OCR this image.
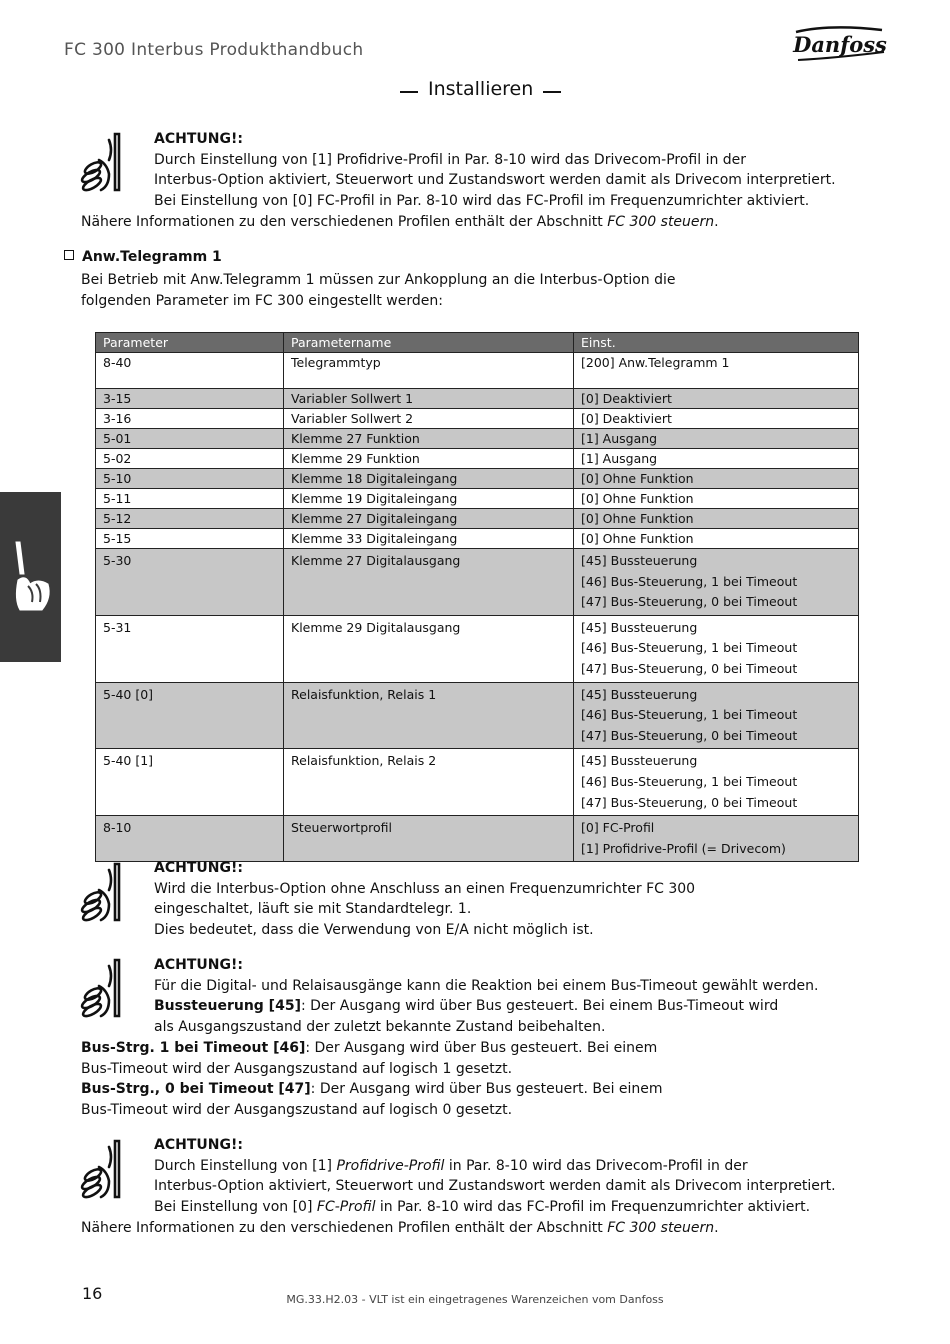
FC 300 Interbus Produkthandbuch	Danfoss
Installieren
ACHTUNG!:
Durch Einstellung von [1] Profidrive-Profil in Par. 8-10 wird das Drivecom-Profil in der
Interbus-Option aktiviert, Steuerwort und Zustandswort werden damit als Drivecom interpretiert.
Bei Einstellung von [0] FC-Profil in Par. 8-10 wird das FC-Profil im Frequenzumrichter aktiviert.
Nähere Informationen zu den verschiedenen Profilen enthält der Abschnitt FC 300 steuern.
Anw.Telegramm 1
Bei Betrieb mit Anw.Telegramm 1 müssen zur Ankopplung an die Interbus-Option die
folgenden Parameter im FC 300 eingestellt werden:
Parameter	Parametername	Einst.
8-40	Telegrammtyp	[200] Anw.Telegramm 1

3-15	Variabler Sollwert 1	[0] Deaktiviert

3-16	Variabler Sollwert 2	[0] Deaktiviert

5-01	Klemme 27 Funktion	[1] Ausgang

5-02	Klemme 29 Funktion	[1] Ausgang

5-10	Klemme 18 Digitaleingang	[0] Ohne Funktion

5-11	Klemme 19 Digitaleingang	[0] Ohne Funktion

5-12	Klemme 27 Digitaleingang	[0] Ohne Funktion

5-15	Klemme 33 Digitaleingang	[0] Ohne Funktion

5-30	Klemme 27 Digitalausgang	[45] Bussteuerung
[46] Bus-Steuerung, 1 bei Timeout
[47] Bus-Steuerung, 0 bei Timeout

5-31	Klemme 29 Digitalausgang	[45] Bussteuerung
[46] Bus-Steuerung, 1 bei Timeout
[47] Bus-Steuerung, 0 bei Timeout

5-40 [0]	Relaisfunktion, Relais 1	[45] Bussteuerung
[46] Bus-Steuerung, 1 bei Timeout
[47] Bus-Steuerung, 0 bei Timeout

5-40 [1]	Relaisfunktion, Relais 2	[45] Bussteuerung
[46] Bus-Steuerung, 1 bei Timeout
[47] Bus-Steuerung, 0 bei Timeout

8-10	Steuerwortprofil	[0] FC-Profil
[1] Profidrive-Profil (= Drivecom)
ACHTUNG!:
Wird die Interbus-Option ohne Anschluss an einen Frequenzumrichter FC 300
eingeschaltet, läuft sie mit Standardtelegr. 1.
Dies bedeutet, dass die Verwendung von E/A nicht möglich ist.
ACHTUNG!:
Für die Digital- und Relaisausgänge kann die Reaktion bei einem Bus-Timeout gewählt werden.
Bussteuerung [45]: Der Ausgang wird über Bus gesteuert. Bei einem Bus-Timeout wird
als Ausgangszustand der zuletzt bekannte Zustand beibehalten.
Bus-Strg. 1 bei Timeout [46]: Der Ausgang wird über Bus gesteuert. Bei einem
Bus-Timeout wird der Ausgangszustand auf logisch 1 gesetzt.
Bus-Strg., 0 bei Timeout [47]: Der Ausgang wird über Bus gesteuert. Bei einem
Bus-Timeout wird der Ausgangszustand auf logisch 0 gesetzt.
ACHTUNG!:
Durch Einstellung von [1] Profidrive-Profil in Par. 8-10 wird das Drivecom-Profil in der
Interbus-Option aktiviert, Steuerwort und Zustandswort werden damit als Drivecom interpretiert.
Bei Einstellung von [0] FC-Profil in Par. 8-10 wird das FC-Profil im Frequenzumrichter aktiviert.
Nähere Informationen zu den verschiedenen Profilen enthält der Abschnitt FC 300 steuern.
16	MG.33.H2.03 - VLT ist ein eingetragenes Warenzeichen vom Danfoss
